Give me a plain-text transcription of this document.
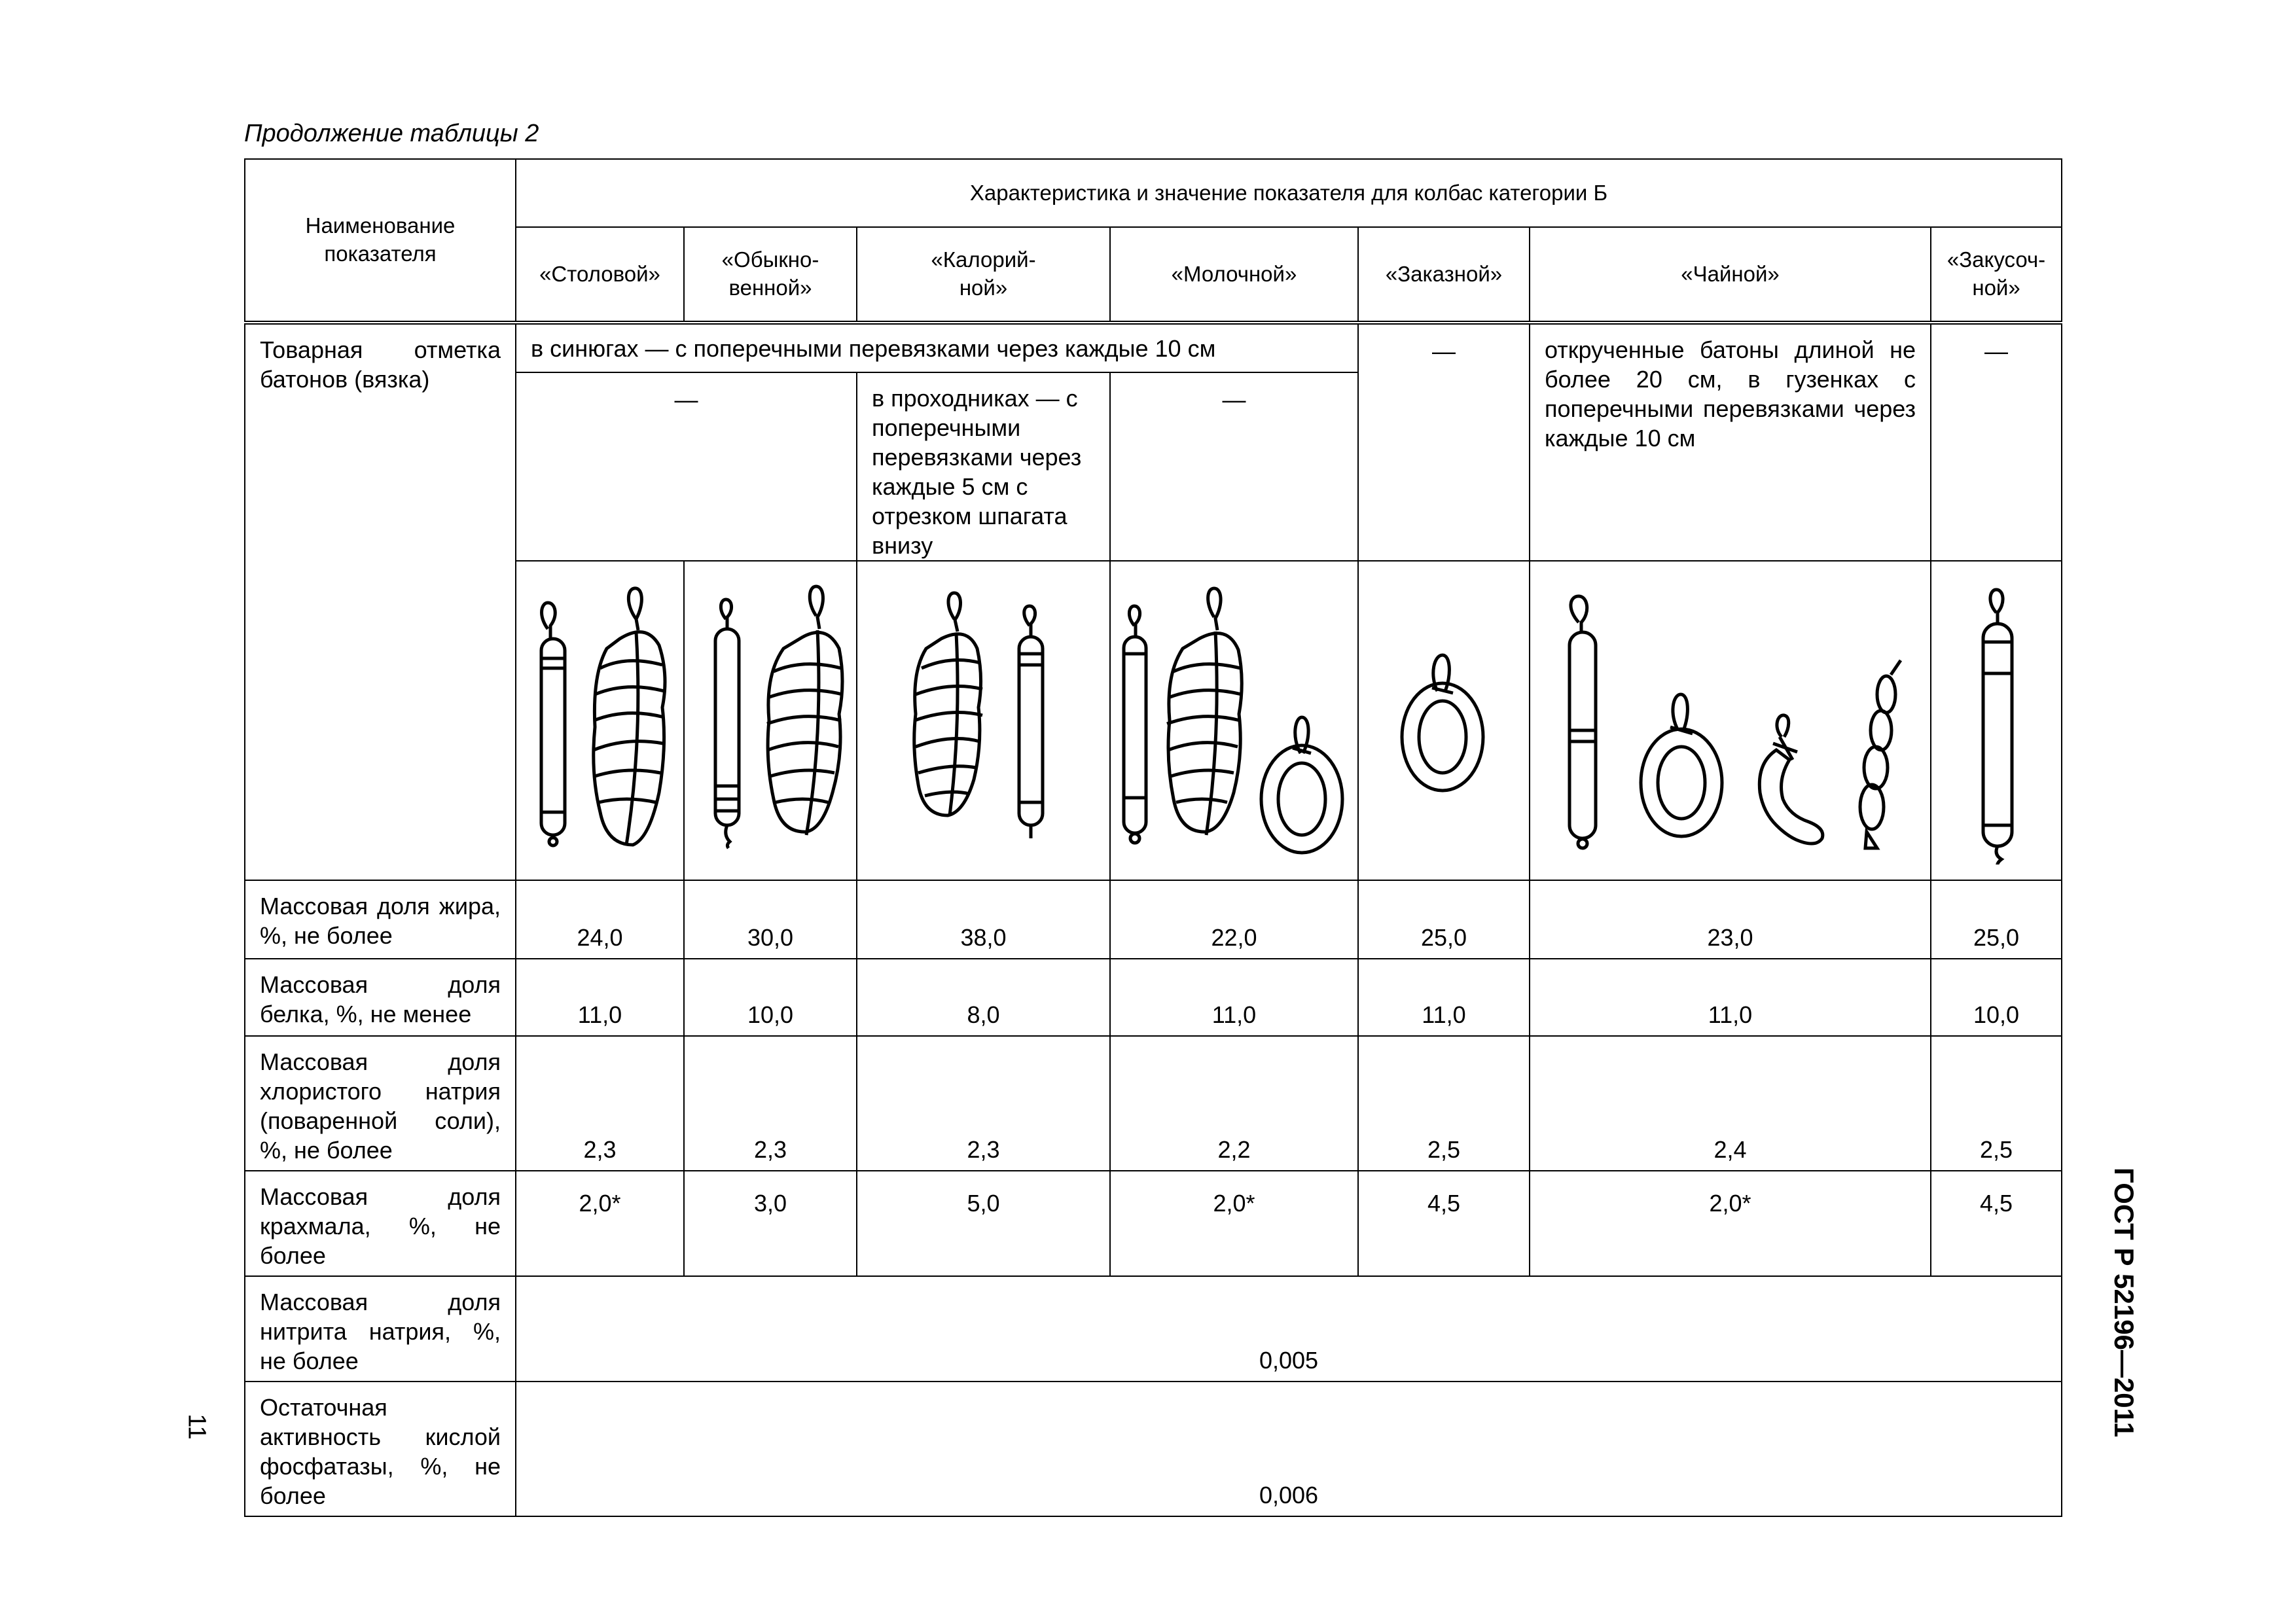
Продолжение таблицы 2
Наименование показателя	Характеристика и значение показателя для колбас категории Б						
	«Столовой»	«Обыкно-венной»	«Калорий-ной»	«Молочной»	«Заказной»	«Чайной»	«Закусоч-ной»
Товарная отметка батонов (вязка)	в синюгах — с поперечными перевязками через каждые 10 см				—	открученные батоны длиной не более 20 см, в гузенках с поперечными перевязками через каждые 10 см	—
	—		в проходниках — с поперечными перевязками через каждые 5 см с отрезком шпагата внизу	—			

Массовая доля жира, %, не более	24,0	30,0	38,0	22,0	25,0	23,0	25,0
Массовая доля белка, %, не менее	11,0	10,0	8,0	11,0	11,0	11,0	10,0
Массовая доля хлористого натрия (поваренной соли), %, не более	2,3	2,3	2,3	2,2	2,5	2,4	2,5
Массовая доля крахмала, %, не более	2,0*	3,0	5,0	2,0*	4,5	2,0*	4,5
Массовая доля нитрита натрия, %, не более	0,005						
Остаточная активность кислой фосфатазы, %, не более	0,006						
ГОСТ Р 52196—2011
11
